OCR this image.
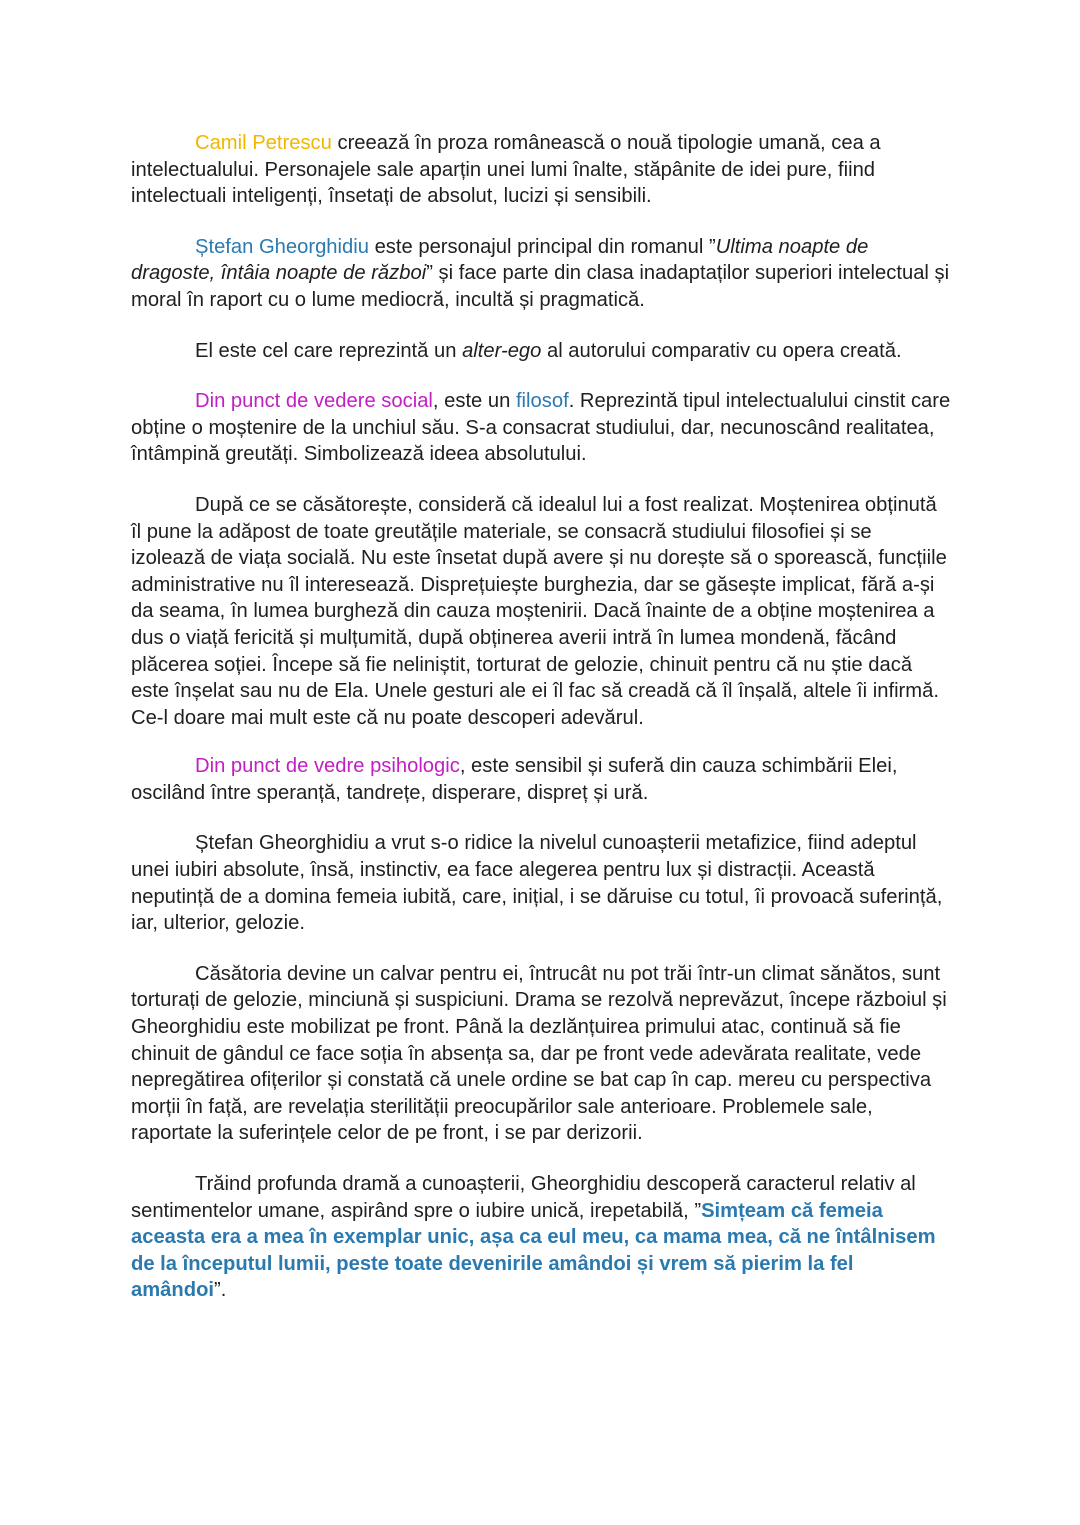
Camil Petrescu creează în proza românească o nouă tipologie umană, cea a intelectualului. Personajele sale aparțin unei lumi înalte, stăpânite de idei pure, fiind intelectuali inteligenți, însetați de absolut, lucizi și sensibili.

Ștefan Gheorghidiu este personajul principal din romanul ”Ultima noapte de dragoste, întâia noapte de război” și face parte din clasa inadaptaților superiori intelectual și moral în raport cu o lume mediocră, incultă și pragmatică.

El este cel care reprezintă un alter-ego al autorului comparativ cu opera creată.

Din punct de vedere social, este un filosof. Reprezintă tipul intelectualului cinstit care obține o moștenire de la unchiul său. S-a consacrat studiului, dar, necunoscând realitatea, întâmpină greutăți. Simbolizează ideea absolutului.

După ce se căsătorește, consideră că idealul lui a fost realizat. Moștenirea obținută îl pune la adăpost de toate greutățile materiale, se consacră studiului filosofiei și se izolează de viața socială. Nu este însetat după avere și nu dorește să o sporească, funcțiile administrative nu îl interesează. Disprețuiește burghezia, dar se găsește implicat, fără a-și da seama, în lumea burgheză din cauza moștenirii. Dacă înainte de a obține moștenirea a dus o viață fericită și mulțumită, după obținerea averii intră în lumea mondenă, făcând plăcerea soției. Începe să fie neliniștit, torturat de gelozie, chinuit pentru că nu știe dacă este înșelat sau nu de Ela. Unele gesturi ale ei îl fac să creadă că îl înșală, altele îi infirmă. Ce-l doare mai mult este că nu poate descoperi adevărul.

Din punct de vedre psihologic, este sensibil și suferă din cauza schimbării Elei, oscilând între speranță, tandrețe, disperare, dispreț și ură.

Ștefan Gheorghidiu a vrut s-o ridice la nivelul cunoașterii metafizice, fiind adeptul unei iubiri absolute, însă, instinctiv, ea face alegerea pentru lux și distracții. Această neputință de a domina femeia iubită, care, inițial, i se dăruise cu totul, îi provoacă suferință, iar, ulterior, gelozie.

Căsătoria devine un calvar pentru ei, întrucât nu pot trăi într-un climat sănătos, sunt torturați de gelozie, minciună și suspiciuni. Drama se rezolvă neprevăzut, începe războiul și Gheorghidiu este mobilizat pe front. Până la dezlănțuirea primului atac, continuă să fie chinuit de gândul ce face soția în absența sa, dar pe front vede adevărata realitate, vede nepregătirea ofițerilor și constată că unele ordine se bat cap în cap. mereu cu perspectiva morții în față, are revelația sterilității preocupărilor sale anterioare. Problemele sale, raportate la suferințele celor de pe front, i se par derizorii.

Trăind profunda dramă a cunoașterii, Gheorghidiu descoperă caracterul relativ al sentimentelor umane, aspirând spre o iubire unică, irepetabilă, ”Simțeam că femeia aceasta era a mea în exemplar unic, așa ca eul meu, ca mama mea, că ne întâlnisem de la începutul lumii, peste toate devenirile amândoi și vrem să pierim la fel amândoi”.
